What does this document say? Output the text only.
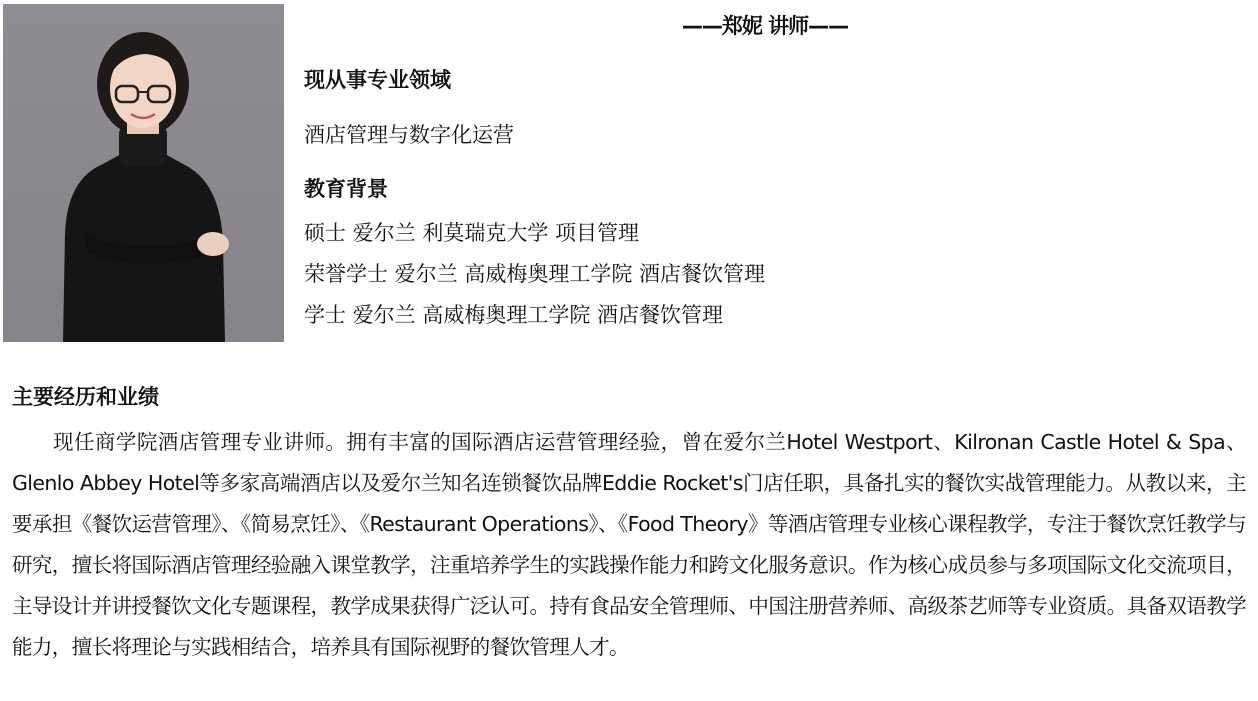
——郑妮 讲师——
现从事专业领域
酒店管理与数字化运营
教育背景
硕士 爱尔兰 利莫瑞克大学 项目管理
荣誉学士 爱尔兰 高威梅奥理工学院 酒店餐饮管理
学士 爱尔兰 高威梅奥理工学院 酒店餐饮管理
主要经历和业绩

现任商学院酒店管理专业讲师。拥有丰富的国际酒店运营管理经验，曾在爱尔兰Hotel Westport、Kilronan Castle Hotel & Spa、Glenlo Abbey Hotel等多家高端酒店以及爱尔兰知名连锁餐饮品牌Eddie Rocket's门店任职，具备扎实的餐饮实战管理能力。从教以来，主要承担《餐饮运营管理》、《简易烹饪》、《Restaurant Operations》、《Food Theory》等酒店管理专业核心课程教学，专注于餐饮烹饪教学与研究，擅长将国际酒店管理经验融入课堂教学，注重培养学生的实践操作能力和跨文化服务意识。作为核心成员参与多项国际文化交流项目，主导设计并讲授餐饮文化专题课程，教学成果获得广泛认可。持有食品安全管理师、中国注册营养师、高级茶艺师等专业资质。具备双语教学能力，擅长将理论与实践相结合，培养具有国际视野的餐饮管理人才。
